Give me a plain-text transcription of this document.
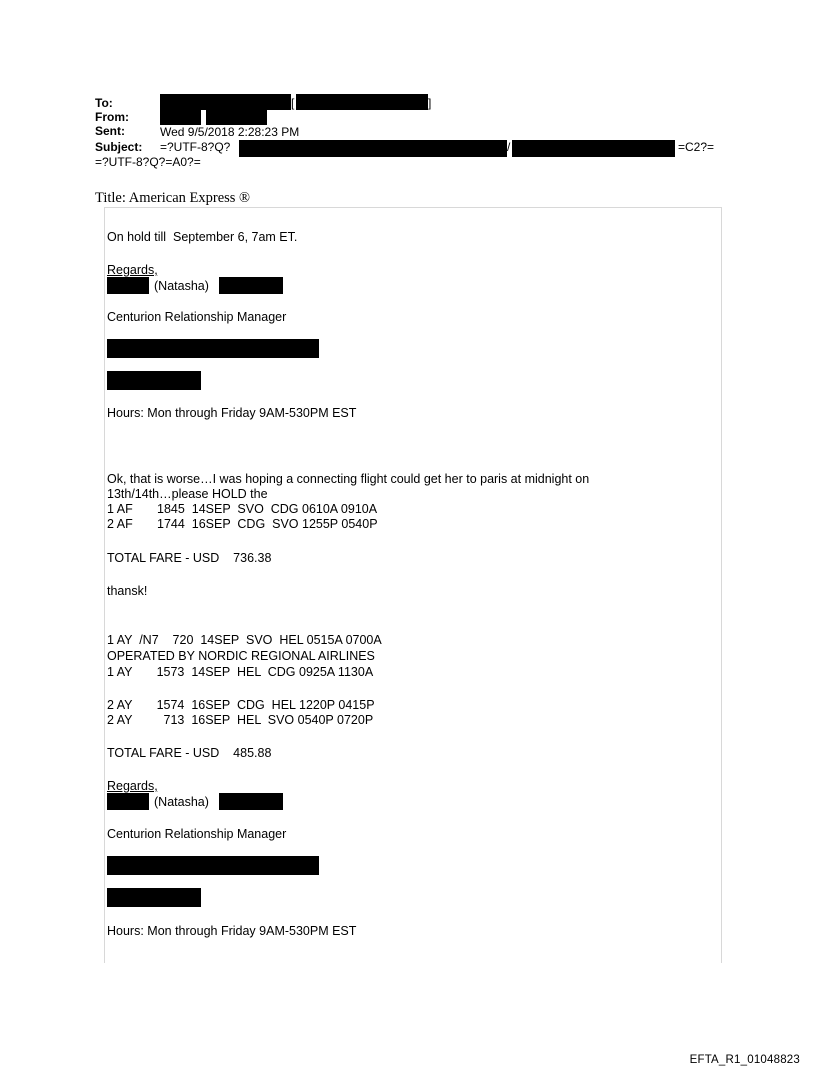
To:	[	]
From:
Sent:	Wed 9/5/2018 2:28:23 PM
Subject: =?UTF-8?Q?	/	=C2?=
=?UTF-8?Q?=A0?=
Title: American Express ®
On hold till  September 6, 7am ET.
Regards,
(Natasha)
Centurion Relationship Manager
Hours: Mon through Friday 9AM-530PM EST
Ok, that is worse…I was hoping a connecting flight could get her to paris at midnight on
13th/14th…please HOLD the
1 AF       1845  14SEP  SVO  CDG 0610A 0910A
2 AF       1744  16SEP  CDG  SVO 1255P 0540P
TOTAL FARE - USD    736.38
thansk!
1 AY  /N7    720  14SEP  SVO  HEL 0515A 0700A
OPERATED BY NORDIC REGIONAL AIRLINES
1 AY       1573  14SEP  HEL  CDG 0925A 1130A
2 AY       1574  16SEP  CDG  HEL 1220P 0415P
2 AY         713  16SEP  HEL  SVO 0540P 0720P
TOTAL FARE - USD    485.88
Regards,
(Natasha)
Centurion Relationship Manager
Hours: Mon through Friday 9AM-530PM EST
EFTA_R1_01048823
